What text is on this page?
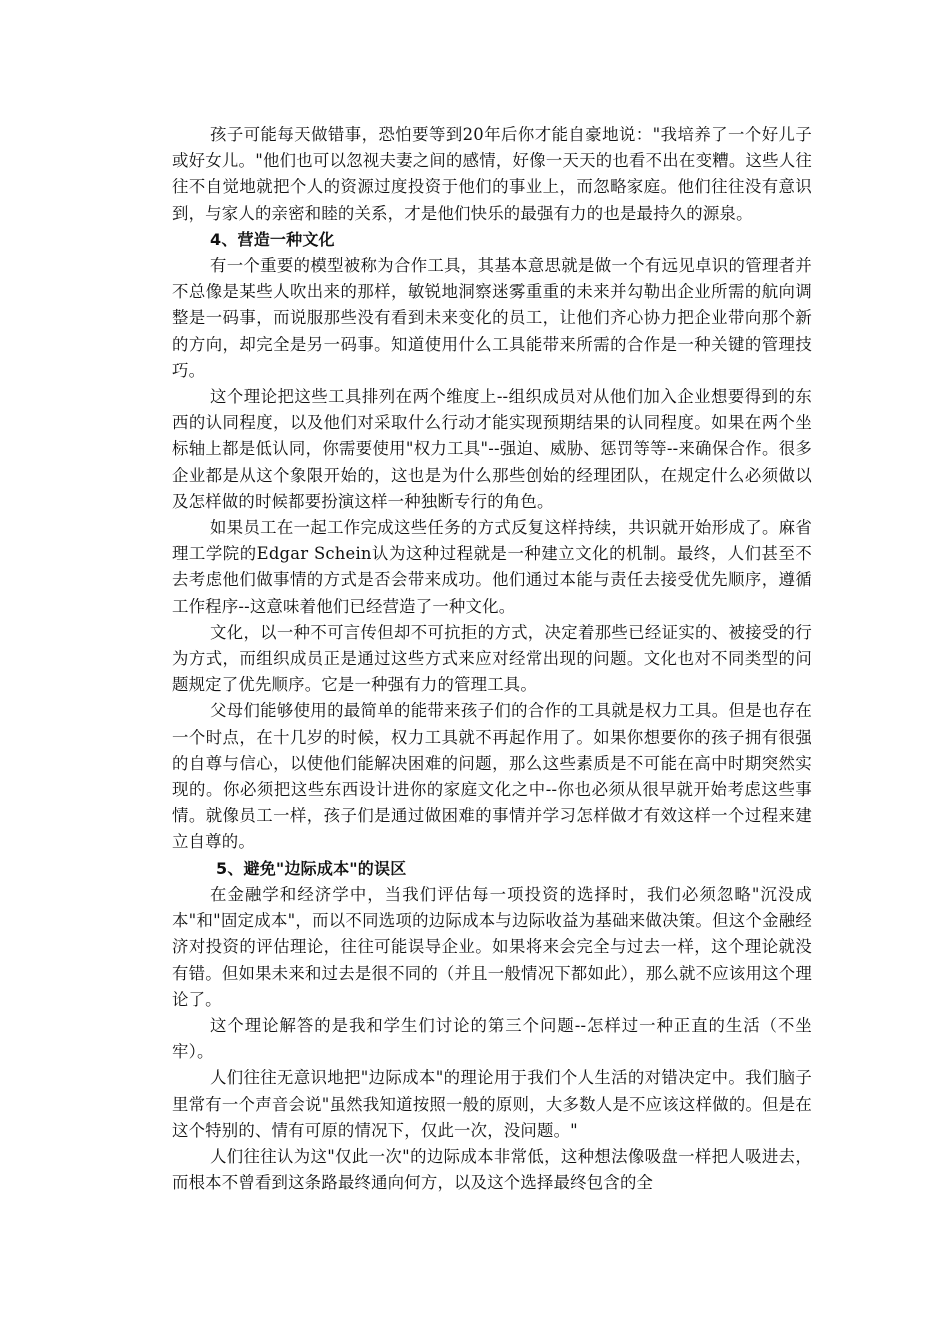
孩子可能每天做错事，恐怕要等到20年后你才能自豪地说："我培养了一个好儿子或好女儿。"他们也可以忽视夫妻之间的感情，好像一天天的也看不出在变糟。这些人往往不自觉地就把个人的资源过度投资于他们的事业上，而忽略家庭。他们往往没有意识到，与家人的亲密和睦的关系，才是他们快乐的最强有力的也是最持久的源泉。

4、营造一种文化

有一个重要的模型被称为合作工具，其基本意思就是做一个有远见卓识的管理者并不总像是某些人吹出来的那样，敏锐地洞察迷雾重重的未来并勾勒出企业所需的航向调整是一码事，而说服那些没有看到未来变化的员工，让他们齐心协力把企业带向那个新的方向，却完全是另一码事。知道使用什么工具能带来所需的合作是一种关键的管理技巧。

这个理论把这些工具排列在两个维度上--组织成员对从他们加入企业想要得到的东西的认同程度，以及他们对采取什么行动才能实现预期结果的认同程度。如果在两个坐标轴上都是低认同，你需要使用"权力工具"--强迫、威胁、惩罚等等--来确保合作。很多企业都是从这个象限开始的，这也是为什么那些创始的经理团队，在规定什么必须做以及怎样做的时候都要扮演这样一种独断专行的角色。

如果员工在一起工作完成这些任务的方式反复这样持续，共识就开始形成了。麻省理工学院的Edgar Schein认为这种过程就是一种建立文化的机制。最终，人们甚至不去考虑他们做事情的方式是否会带来成功。他们通过本能与责任去接受优先顺序，遵循工作程序--这意味着他们已经营造了一种文化。

文化，以一种不可言传但却不可抗拒的方式，决定着那些已经证实的、被接受的行为方式，而组织成员正是通过这些方式来应对经常出现的问题。文化也对不同类型的问题规定了优先顺序。它是一种强有力的管理工具。

父母们能够使用的最简单的能带来孩子们的合作的工具就是权力工具。但是也存在一个时点，在十几岁的时候，权力工具就不再起作用了。如果你想要你的孩子拥有很强的自尊与信心，以使他们能解决困难的问题，那么这些素质是不可能在高中时期突然实现的。你必须把这些东西设计进你的家庭文化之中--你也必须从很早就开始考虑这些事情。就像员工一样，孩子们是通过做困难的事情并学习怎样做才有效这样一个过程来建立自尊的。

5、避免"边际成本"的误区

在金融学和经济学中，当我们评估每一项投资的选择时，我们必须忽略"沉没成本"和"固定成本"，而以不同选项的边际成本与边际收益为基础来做决策。但这个金融经济对投资的评估理论，往往可能误导企业。如果将来会完全与过去一样，这个理论就没有错。但如果未来和过去是很不同的（并且一般情况下都如此），那么就不应该用这个理论了。

这个理论解答的是我和学生们讨论的第三个问题--怎样过一种正直的生活（不坐牢）。

人们往往无意识地把"边际成本"的理论用于我们个人生活的对错决定中。我们脑子里常有一个声音会说"虽然我知道按照一般的原则，大多数人是不应该这样做的。但是在这个特别的、情有可原的情况下，仅此一次，没问题。"

人们往往认为这"仅此一次"的边际成本非常低，这种想法像吸盘一样把人吸进去，而根本不曾看到这条路最终通向何方，以及这个选择最终包含的全
